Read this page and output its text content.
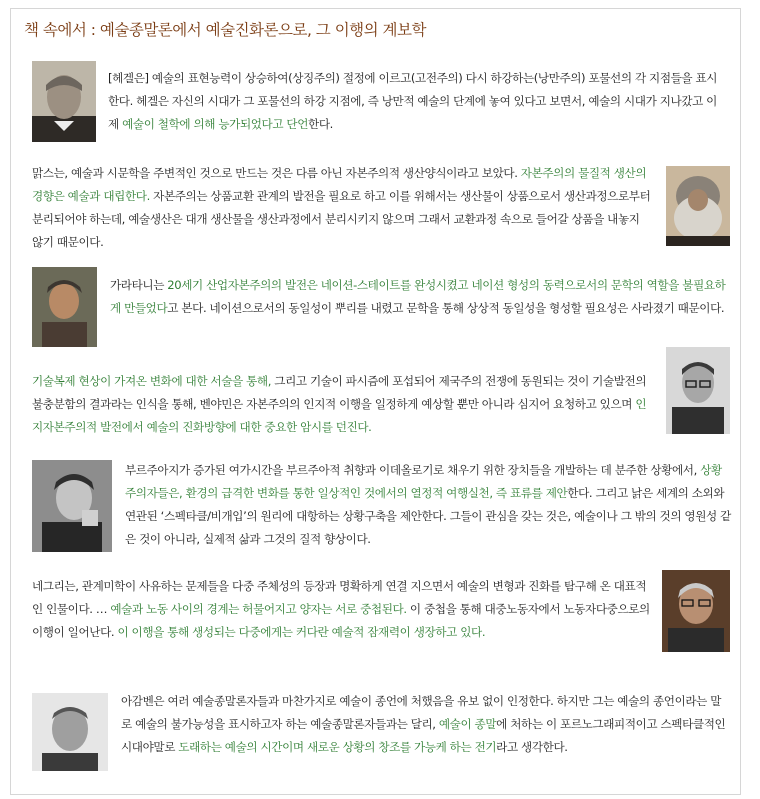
책 속에서 : 예술종말론에서 예술진화론으로, 그 이행의 계보학
[헤겔은] 예술의 표현능력이 상승하여(상징주의) 절정에 이르고(고전주의) 다시 하강하는(낭만주의) 포물선의 각 지점들을 표시한다. 헤겔은 자신의 시대가 그 포물선의 하강 지점에, 즉 낭만적 예술의 단계에 놓여 있다고 보면서, 예술의 시대가 지나갔고 이제 예술이 철학에 의해 능가되었다고 단언한다.
맑스는, 예술과 시문학을 주변적인 것으로 만드는 것은 다름 아닌 자본주의적 생산양식이라고 보았다. 자본주의의 물질적 생산의 경향은 예술과 대립한다. 자본주의는 상품교환 관계의 발전을 필요로 하고 이를 위해서는 생산물이 상품으로서 생산과정으로부터 분리되어야 하는데, 예술생산은 대개 생산물을 생산과정에서 분리시키지 않으며 그래서 교환과정 속으로 들어갈 상품을 내놓지 않기 때문이다.
가라타니는 20세기 산업자본주의의 발전은 네이션-스테이트를 완성시켰고 네이션 형성의 동력으로서의 문학의 역할을 불필요하게 만들었다고 본다. 네이션으로서의 동일성이 뿌리를 내렸고 문학을 통해 상상적 동일성을 형성할 필요성은 사라졌기 때문이다.
기술복제 현상이 가져온 변화에 대한 서술을 통해, 그리고 기술이 파시즘에 포섭되어 제국주의 전쟁에 동원되는 것이 기술발전의 불충분함의 결과라는 인식을 통해, 벤야민은 자본주의의 인지적 이행을 일정하게 예상할 뿐만 아니라 심지어 요청하고 있으며 인지자본주의적 발전에서 예술의 진화방향에 대한 중요한 암시를 던진다.
부르주아지가 증가된 여가시간을 부르주아적 취향과 이데올로기로 채우기 위한 장치들을 개발하는 데 분주한 상황에서, 상황주의자들은, 환경의 급격한 변화를 통한 일상적인 것에서의 열정적 여행실천, 즉 표류를 제안한다. 그리고 낡은 세계의 소외와 연관된 ‘스펙타클/비개입’의 원리에 대항하는 상황구축을 제안한다. 그들이 관심을 갖는 것은, 예술이나 그 밖의 것의 영원성 같은 것이 아니라, 실제적 삶과 그것의 질적 향상이다.
네그리는, 관계미학이 사유하는 문제들을 다중 주체성의 등장과 명확하게 연결 지으면서 예술의 변형과 진화를 탐구해 온 대표적인 인물이다. … 예술과 노동 사이의 경계는 허물어지고 양자는 서로 중첩된다. 이 중첩을 통해 대중노동자에서 노동자다중으로의 이행이 일어난다. 이 이행을 통해 생성되는 다중에게는 커다란 예술적 잠재력이 생장하고 있다.
아감벤은 여러 예술종말론자들과 마찬가지로 예술이 종언에 처했음을 유보 없이 인정한다. 하지만 그는 예술의 종언이라는 말로 예술의 불가능성을 표시하고자 하는 예술종말론자들과는 달리, 예술이 종말에 처하는 이 포르노그래피적이고 스펙타클적인 시대야말로 도래하는 예술의 시간이며 새로운 상황의 창조를 가능케 하는 전기라고 생각한다.
